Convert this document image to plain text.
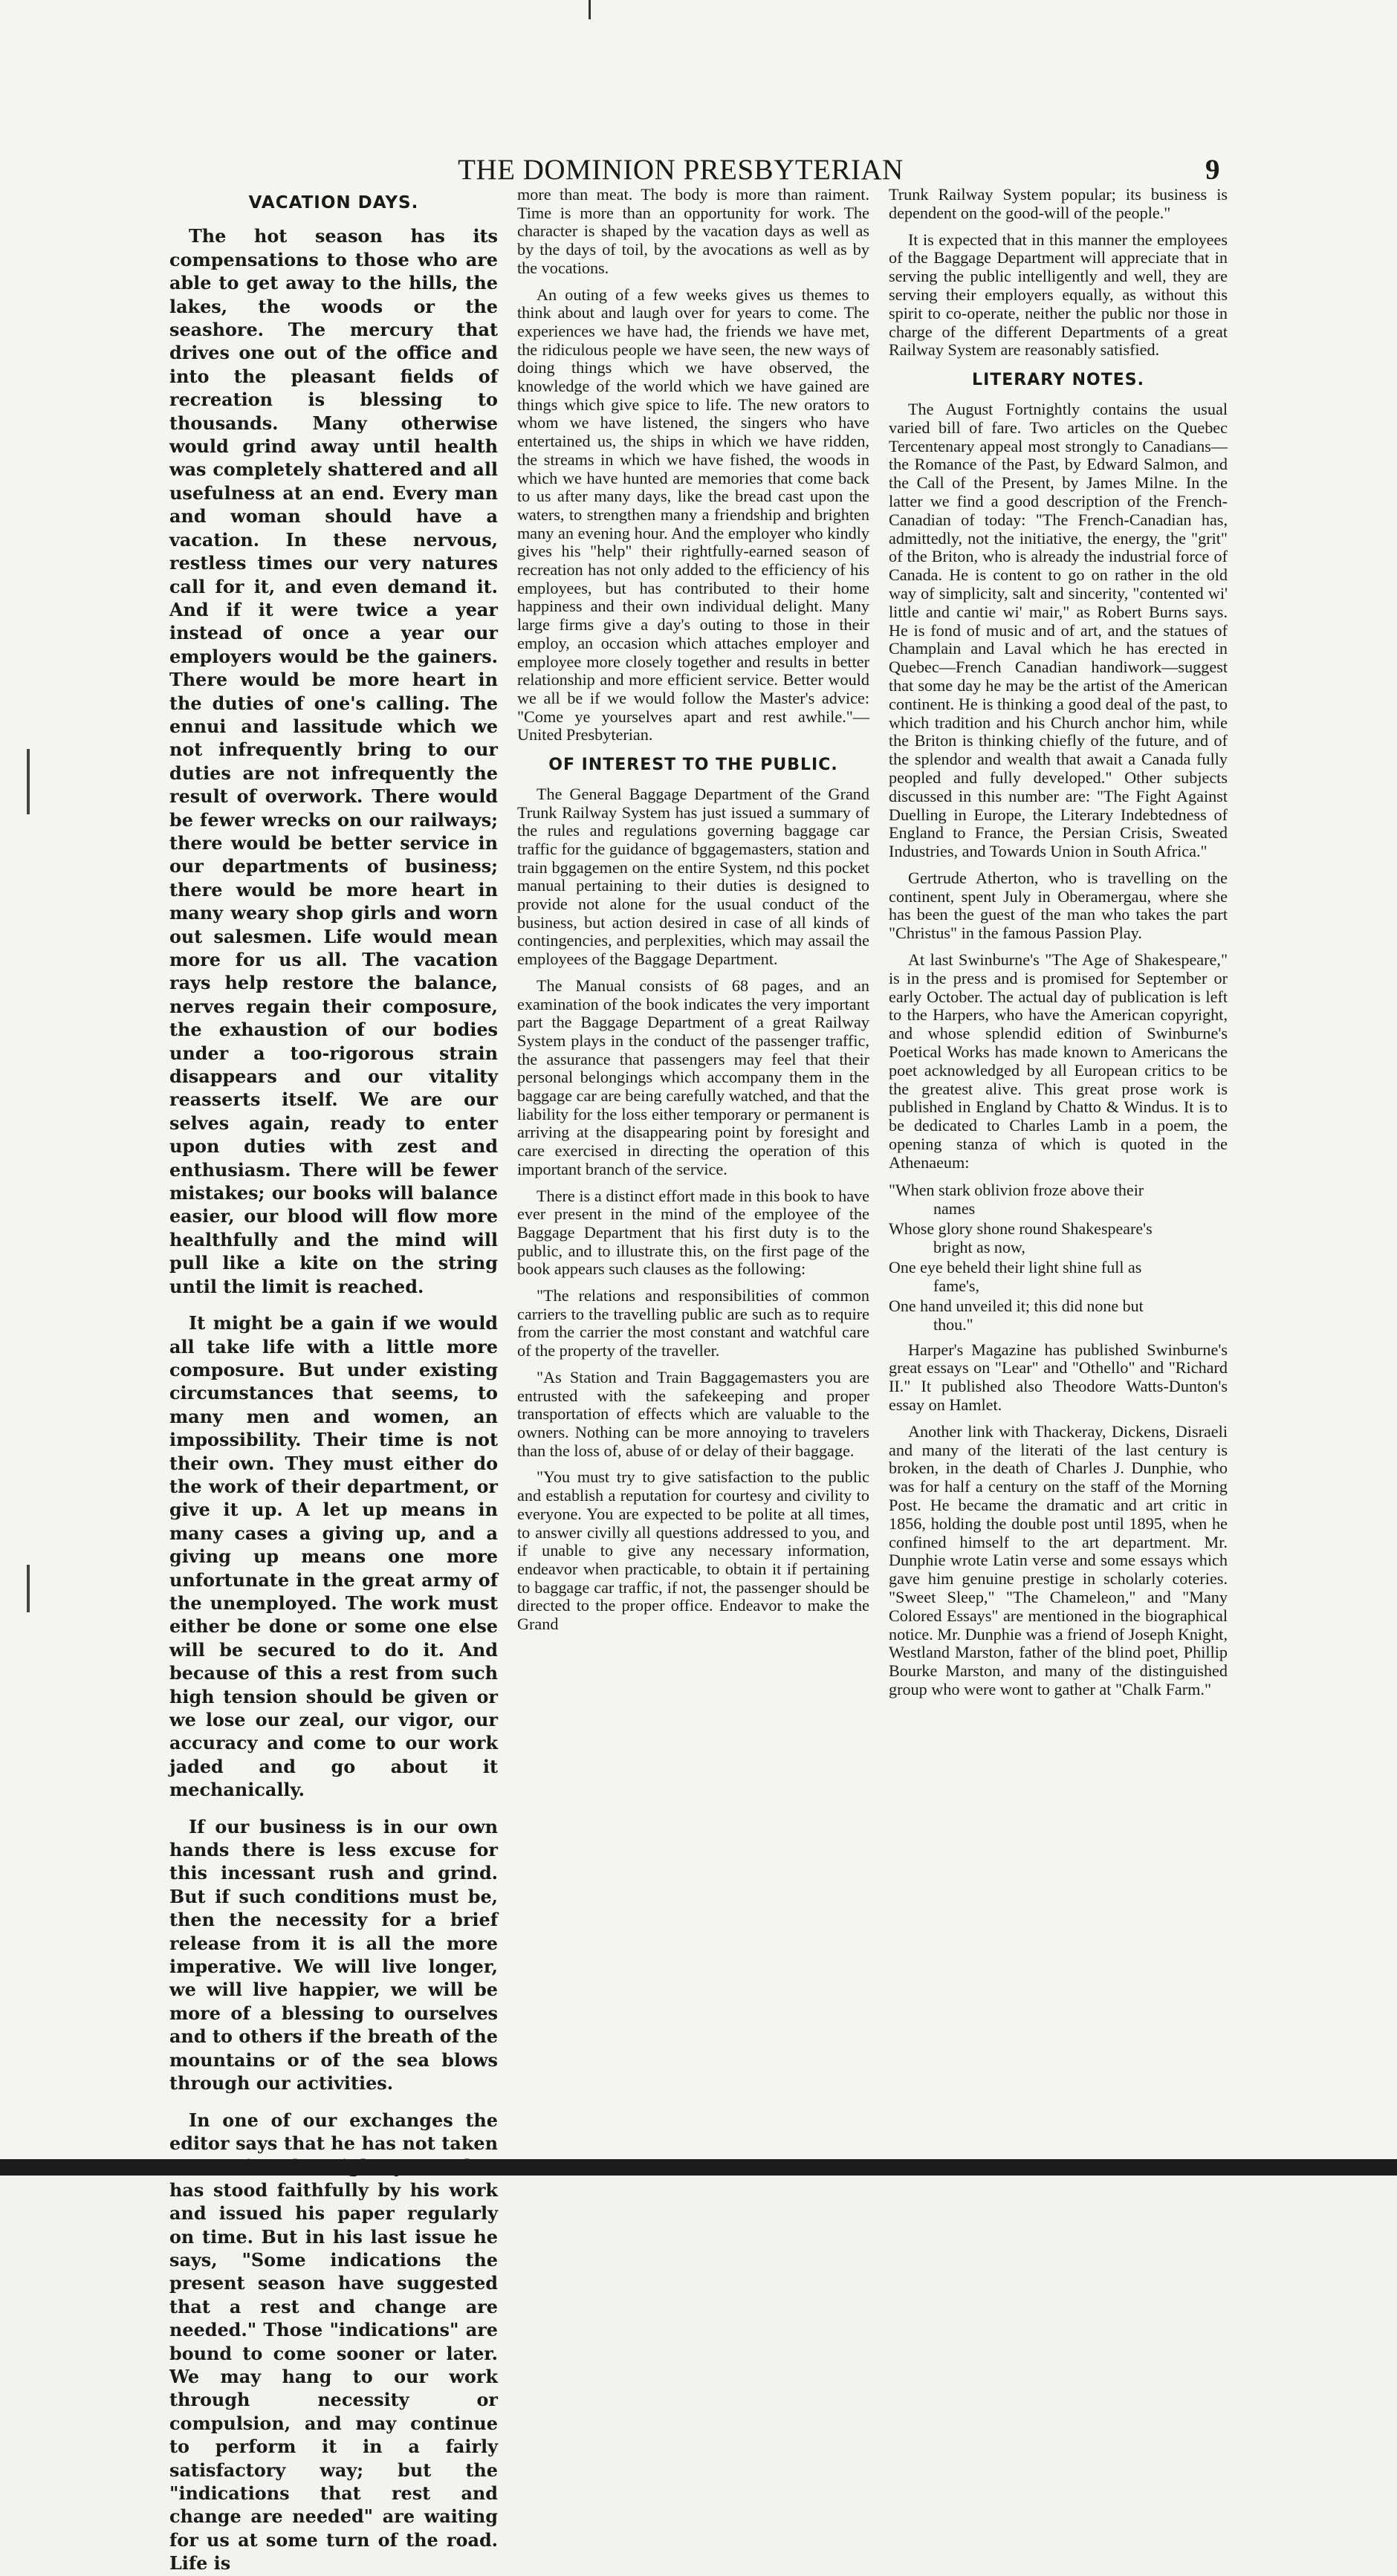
THE DOMINION PRESBYTERIAN	9
VACATION DAYS.

The hot season has its compensations to those who are able to get away to the hills, the lakes, the woods or the seashore. The mercury that drives one out of the office and into the pleasant fields of recreation is blessing to thousands. Many otherwise would grind away until health was completely shattered and all usefulness at an end. Every man and woman should have a vacation. In these nervous, restless times our very natures call for it, and even demand it. And if it were twice a year instead of once a year our employers would be the gainers. There would be more heart in the duties of one's calling. The ennui and lassitude which we not infrequently bring to our duties are not infrequently the result of overwork. There would be fewer wrecks on our railways; there would be better service in our departments of business; there would be more heart in many weary shop girls and worn out salesmen. Life would mean more for us all. The vacation rays help restore the balance, nerves regain their composure, the exhaustion of our bodies under a too-rigorous strain disappears and our vitality reasserts itself. We are our selves again, ready to enter upon duties with zest and enthusiasm. There will be fewer mistakes; our books will balance easier, our blood will flow more healthfully and the mind will pull like a kite on the string until the limit is reached.

It might be a gain if we would all take life with a little more composure. But under existing circumstances that seems, to many men and women, an impossibility. Their time is not their own. They must either do the work of their department, or give it up. A let up means in many cases a giving up, and a giving up means one more unfortunate in the great army of the unemployed. The work must either be done or some one else will be secured to do it. And because of this a rest from such high tension should be given or we lose our zeal, our vigor, our accuracy and come to our work jaded and go about it mechanically.

If our business is in our own hands there is less excuse for this incessant rush and grind. But if such conditions must be, then the necessity for a brief release from it is all the more imperative. We will live longer, we will live happier, we will be more of a blessing to ourselves and to others if the breath of the mountains or of the sea blows through our activities.

In one of our exchanges the editor says that he has not taken has stood faithfully by his work and issued his paper regularly on time. But in his last issue he says, "Some indications the present season have suggested that a rest and change are needed." Those "indications" are bound to come sooner or later. We may hang to our work through necessity or compulsion, and may continue to perform it in a fairly satisfactory way; but the "indications that rest and change are needed" are waiting for us at some turn of the road. Life is

more than meat. The body is more than raiment. Time is more than an opportunity for work. The character is shaped by the vacation days as well as by the days of toil, by the avocations as well as by the vocations.

An outing of a few weeks gives us themes to think about and laugh over for years to come. The experiences we have had, the friends we have met, the ridiculous people we have seen, the new ways of doing things which we have observed, the knowledge of the world which we have gained are things which give spice to life. The new orators to whom we have listened, the singers who have entertained us, the ships in which we have ridden, the streams in which we have fished, the woods in which we have hunted are memories that come back to us after many days, like the bread cast upon the waters, to strengthen many a friendship and brighten many an evening hour. And the employer who kindly gives his "help" their rightfully-earned season of recreation has not only added to the efficiency of his employees, but has contributed to their home happiness and their own individual delight. Many large firms give a day's outing to those in their employ, an occasion which attaches employer and employee more closely together and results in better relationship and more efficient service. Better would we all be if we would follow the Master's advice: "Come ye yourselves apart and rest awhile."—United Presbyterian.

OF INTEREST TO THE PUBLIC.

The General Baggage Department of the Grand Trunk Railway System has just issued a summary of the rules and regulations governing baggage car traffic for the guidance of bggagemasters, station and train bggagemen on the entire System, nd this pocket manual pertaining to their duties is designed to provide not alone for the usual conduct of the business, but action desired in case of all kinds of contingencies, and perplexities, which may assail the employees of the Baggage Department.

The Manual consists of 68 pages, and an examination of the book indicates the very important part the Baggage Department of a great Railway System plays in the conduct of the passenger traffic, the assurance that passengers may feel that their personal belongings which accompany them in the baggage car are being carefully watched, and that the liability for the loss either temporary or permanent is arriving at the disappearing point by foresight and care exercised in directing the operation of this important branch of the service.

There is a distinct effort made in this book to have ever present in the mind of the employee of the Baggage Department that his first duty is to the public, and to illustrate this, on the first page of the book appears such clauses as the following:

"The relations and responsibilities of common carriers to the travelling public are such as to require from the carrier the most constant and watchful care of the property of the traveller.

"As Station and Train Baggagemasters you are entrusted with the safekeeping and proper transportation of effects which are valuable to the owners. Nothing can be more annoying to travelers than the loss of, abuse of or delay of their baggage.

"You must try to give satisfaction to the public and establish a reputation for courtesy and civility to everyone. You are expected to be polite at all times, to answer civilly all questions addressed to you, and if unable to give any necessary information, endeavor when practicable, to obtain it if pertaining to baggage car traffic, if not, the passenger should be directed to the proper office. Endeavor to make the Grand

Trunk Railway System popular; its business is dependent on the good-will of the people."

It is expected that in this manner the employees of the Baggage Department will appreciate that in serving the public intelligently and well, they are serving their employers equally, as without this spirit to co-operate, neither the public nor those in charge of the different Departments of a great Railway System are reasonably satisfied.

LITERARY NOTES.

The August Fortnightly contains the usual varied bill of fare. Two articles on the Quebec Tercentenary appeal most strongly to Canadians—the Romance of the Past, by Edward Salmon, and the Call of the Present, by James Milne. In the latter we find a good description of the French-Canadian of today: "The French-Canadian has, admittedly, not the initiative, the energy, the "grit" of the Briton, who is already the industrial force of Canada. He is content to go on rather in the old way of simplicity, salt and sincerity, "contented wi' little and cantie wi' mair," as Robert Burns says. He is fond of music and of art, and the statues of Champlain and Laval which he has erected in Quebec—French Canadian handiwork—suggest that some day he may be the artist of the American continent. He is thinking a good deal of the past, to which tradition and his Church anchor him, while the Briton is thinking chiefly of the future, and of the splendor and wealth that await a Canada fully peopled and fully developed." Other subjects discussed in this number are: "The Fight Against Duelling in Europe, the Literary Indebtedness of England to France, the Persian Crisis, Sweated Industries, and Towards Union in South Africa."

Gertrude Atherton, who is travelling on the continent, spent July in Oberamergau, where she has been the guest of the man who takes the part "Christus" in the famous Passion Play.

At last Swinburne's "The Age of Shakespeare," is in the press and is promised for September or early October. The actual day of publication is left to the Harpers, who have the American copyright, and whose splendid edition of Swinburne's Poetical Works has made known to Americans the poet acknowledged by all European critics to be the greatest alive. This great prose work is published in England by Chatto & Windus. It is to be dedicated to Charles Lamb in a poem, the opening stanza of which is quoted in the Athenaeum:

"When stark oblivion froze above their
names
Whose glory shone round Shakespeare's
bright as now,
One eye beheld their light shine full as
fame's,
One hand unveiled it; this did none but
thou."

Harper's Magazine has published Swinburne's great essays on "Lear" and "Othello" and "Richard II." It published also Theodore Watts-Dunton's essay on Hamlet.

Another link with Thackeray, Dickens, Disraeli and many of the literati of the last century is broken, in the death of Charles J. Dunphie, who was for half a century on the staff of the Morning Post. He became the dramatic and art critic in 1856, holding the double post until 1895, when he confined himself to the art department. Mr. Dunphie wrote Latin verse and some essays which gave him genuine prestige in scholarly coteries. "Sweet Sleep," "The Chameleon," and "Many Colored Essays" are mentioned in the biographical notice. Mr. Dunphie was a friend of Joseph Knight, Westland Marston, father of the blind poet, Phillip Bourke Marston, and many of the distinguished group who were wont to gather at "Chalk Farm."
